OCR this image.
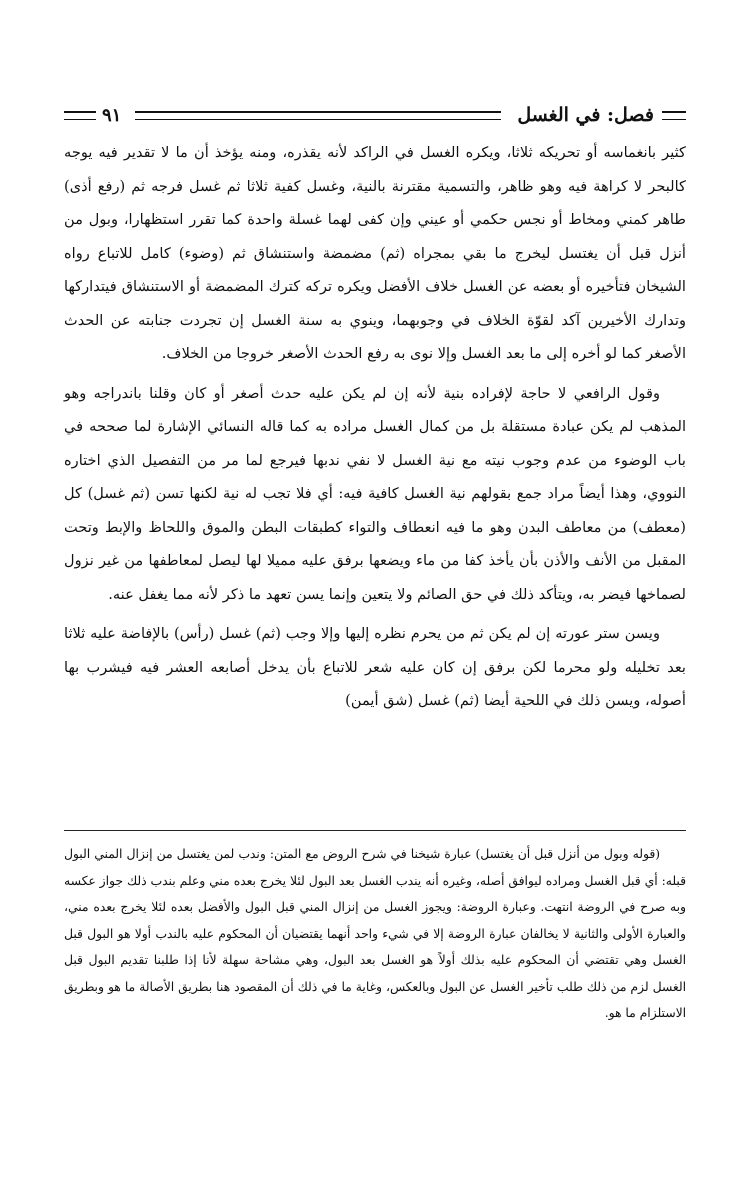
فصل: في الغسل
٩١

كثير بانغماسه أو تحريكه ثلاثا، ويكره الغسل في الراكد لأنه يقذره، ومنه يؤخذ أن ما لا تقدير فيه يوجه كالبحر لا كراهة فيه وهو ظاهر، والتسمية مقترنة بالنية، وغسل كفية ثلاثا ثم غسل فرجه ثم (رفع أذى) طاهر كمني ومخاط أو نجس حكمي أو عيني وإن كفى لهما غسلة واحدة كما تقرر استظهارا، وبول من أنزل قبل أن يغتسل ليخرج ما بقي بمجراه (ثم) مضمضة واستنشاق ثم (وضوء) كامل للاتباع رواه الشيخان فتأخيره أو بعضه عن الغسل خلاف الأفضل ويكره تركه كترك المضمضة أو الاستنشاق فيتداركها وتدارك الأخيرين آكد لقوّة الخلاف في وجوبهما، وينوي به سنة الغسل إن تجردت جنابته عن الحدث الأصغر كما لو أخره إلى ما بعد الغسل وإلا نوى به رفع الحدث الأصغر خروجا من الخلاف.

وقول الرافعي لا حاجة لإفراده بنية لأنه إن لم يكن عليه حدث أصغر أو كان وقلنا باندراجه وهو المذهب لم يكن عبادة مستقلة بل من كمال الغسل مراده به كما قاله النسائي الإشارة لما صححه في باب الوضوء من عدم وجوب نيته مع نية الغسل لا نفي ندبها فيرجع لما مر من التفصيل الذي اختاره النووي، وهذا أيضاً مراد جمع بقولهم نية الغسل كافية فيه: أي فلا تجب له نية لكنها تسن (ثم غسل) كل (معطف) من معاطف البدن وهو ما فيه انعطاف والتواء كطبقات البطن والموق واللحاظ والإبط وتحت المقبل من الأنف والأذن بأن يأخذ كفا من ماء ويضعها برفق عليه مميلا لها ليصل لمعاطفها من غير نزول لصماخها فيضر به، ويتأكد ذلك في حق الصائم ولا يتعين وإنما يسن تعهد ما ذكر لأنه مما يغفل عنه.

ويسن ستر عورته إن لم يكن ثم من يحرم نظره إليها وإلا وجب (ثم) غسل (رأس) بالإفاضة عليه ثلاثا بعد تخليله ولو محرما لكن برفق إن كان عليه شعر للاتباع بأن يدخل أصابعه العشر فيه فيشرب بها أصوله، ويسن ذلك في اللحية أيضا (ثم) غسل (شق أيمن)

(قوله وبول من أنزل قبل أن يغتسل) عبارة شيخنا في شرح الروض مع المتن: وندب لمن يغتسل من إنزال المني البول قبله: أي قبل الغسل ومراده ليوافق أصله، وغيره أنه يندب الغسل بعد البول لئلا يخرج بعده مني وعلم بندب ذلك جواز عكسه وبه صرح في الروضة انتهت. وعبارة الروضة: ويجوز الغسل من إنزال المني قبل البول والأفضل بعده لئلا يخرج بعده مني، والعبارة الأولى والثانية لا يخالفان عبارة الروضة إلا في شيء واحد أنهما يقتضيان أن المحكوم عليه بالندب أولا هو البول قبل الغسل وهي تقتضي أن المحكوم عليه بذلك أولاً هو الغسل بعد البول، وهي مشاحة سهلة لأنا إذا طلبنا تقديم البول قبل الغسل لزم من ذلك طلب تأخير الغسل عن البول وبالعكس، وغاية ما في ذلك أن المقصود هنا بطريق الأصالة ما هو وبطريق الاستلزام ما هو.
